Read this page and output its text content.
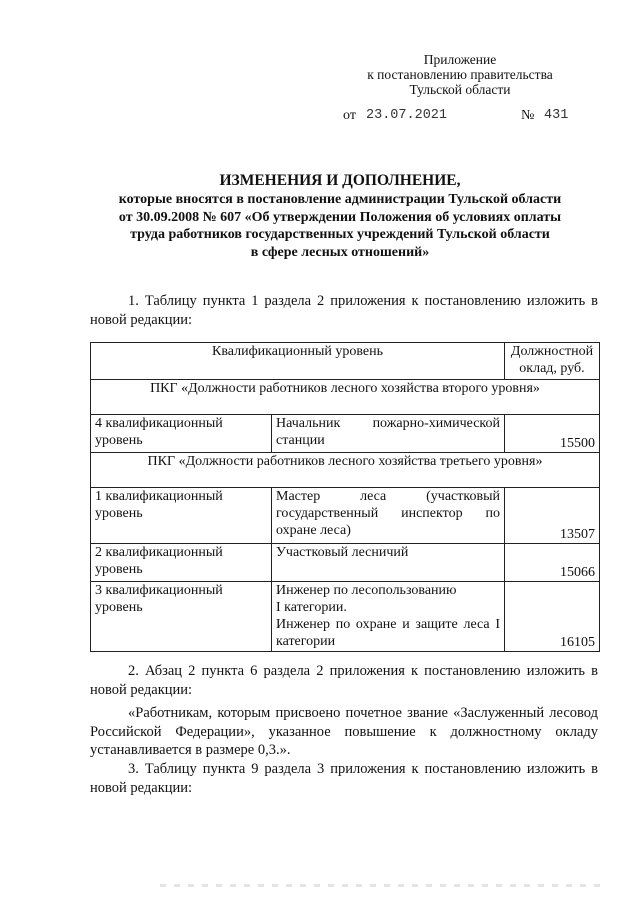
Приложение
к постановлению правительства
Тульской области
от 23.07.2021	№ 431
ИЗМЕНЕНИЯ И ДОПОЛНЕНИЕ,
которые вносятся в постановление администрации Тульской области
от 30.09.2008 № 607 «Об утверждении Положения об условиях оплаты
труда работников государственных учреждений Тульской области
в сфере лесных отношений»
1. Таблицу пункта 1 раздела 2 приложения к постановлению изложить в новой редакции:
Квалификационный уровень		Должностной оклад, руб.
ПКГ «Должности работников лесного хозяйства второго уровня»		
4 квалификационный уровень	Начальник пожарно-химической станции	15500
ПКГ «Должности работников лесного хозяйства третьего уровня»		
1 квалификационный уровень	Мастер леса (участковый государственный инспектор по охране леса)	13507
2 квалификационный уровень	Участковый лесничий	15066
3 квалификационный уровень	Инженер по лесопользованию
I категории.
Инженер по охране и защите леса I категории	16105
2. Абзац 2 пункта 6 раздела 2 приложения к постановлению изложить в новой редакции:
«Работникам, которым присвоено почетное звание «Заслуженный лесовод Российской Федерации», указанное повышение к должностному окладу устанавливается в размере 0,3.».
3. Таблицу пункта 9 раздела 3 приложения к постановлению изложить в новой редакции:
